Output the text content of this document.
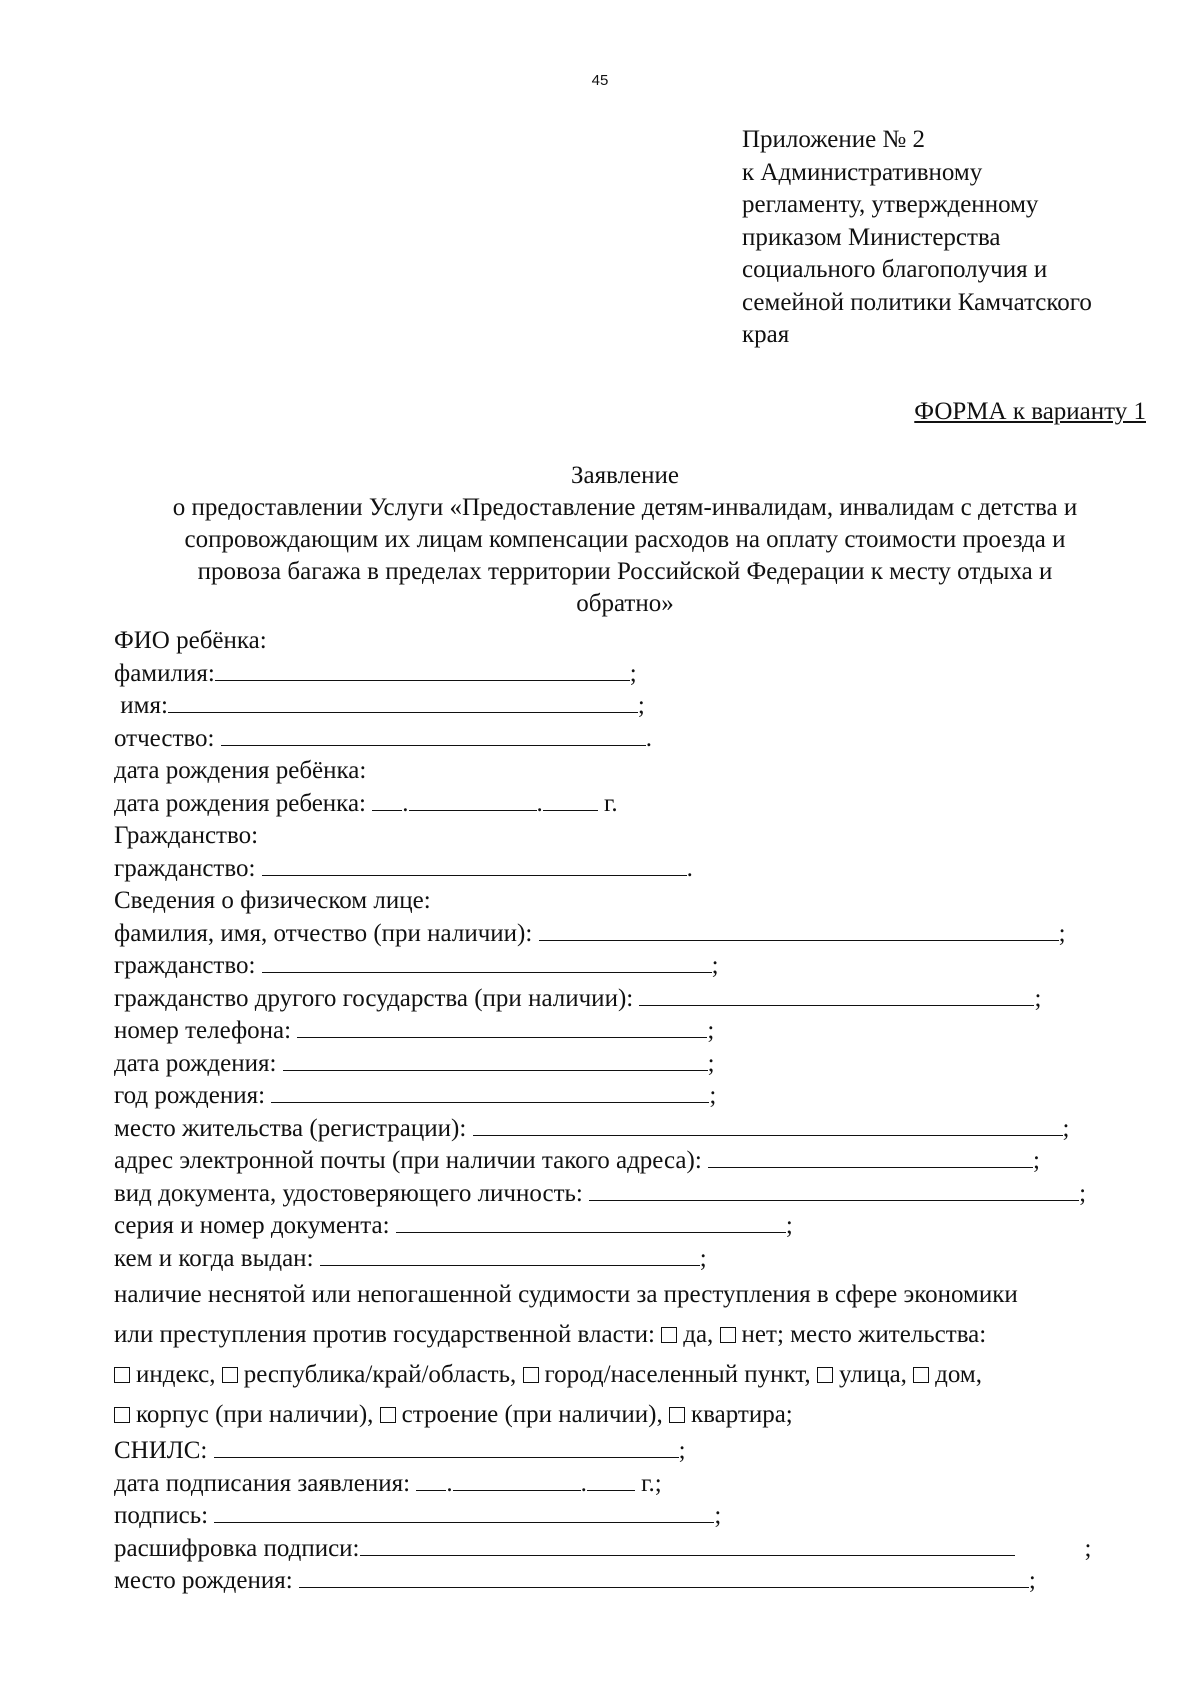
45
Приложение № 2
к Административному
регламенту, утвержденному
приказом Министерства
социального благополучия и
семейной политики Камчатского
края
ФОРМА к варианту 1
Заявление
о предоставлении Услуги «Предоставление детям-инвалидам, инвалидам с детства и
сопровождающим их лицам компенсации расходов на оплату стоимости проезда и
провоза багажа в пределах территории Российской Федерации к месту отдыха и
обратно»
ФИО ребёнка:
фамилия:	;
имя:	;
отчество:	.
дата рождения ребёнка:
дата рождения ребенка: .	. г.
Гражданство:
гражданство:	.
Сведения о физическом лице:
фамилия, имя, отчество (при наличии):	;
гражданство:	;
гражданство другого государства (при наличии):	;
номер телефона:	;
дата рождения:	;
год рождения:	;
место жительства (регистрации):	;
адрес электронной почты (при наличии такого адреса):	;
вид документа, удостоверяющего личность:	;
серия и номер документа:	;
кем и когда выдан:	;
наличие неснятой или непогашенной судимости за преступления в сфере экономики
или преступления против государственной власти: да, нет; место жительства:
индекс, республика/край/область, город/населенный пункт, улица, дом,
корпус (при наличии), строение (при наличии), квартира;
СНИЛС:	;
дата подписания заявления: .	. г.;
подпись:	;
расшифровка подписи:	;
место рождения:	;
